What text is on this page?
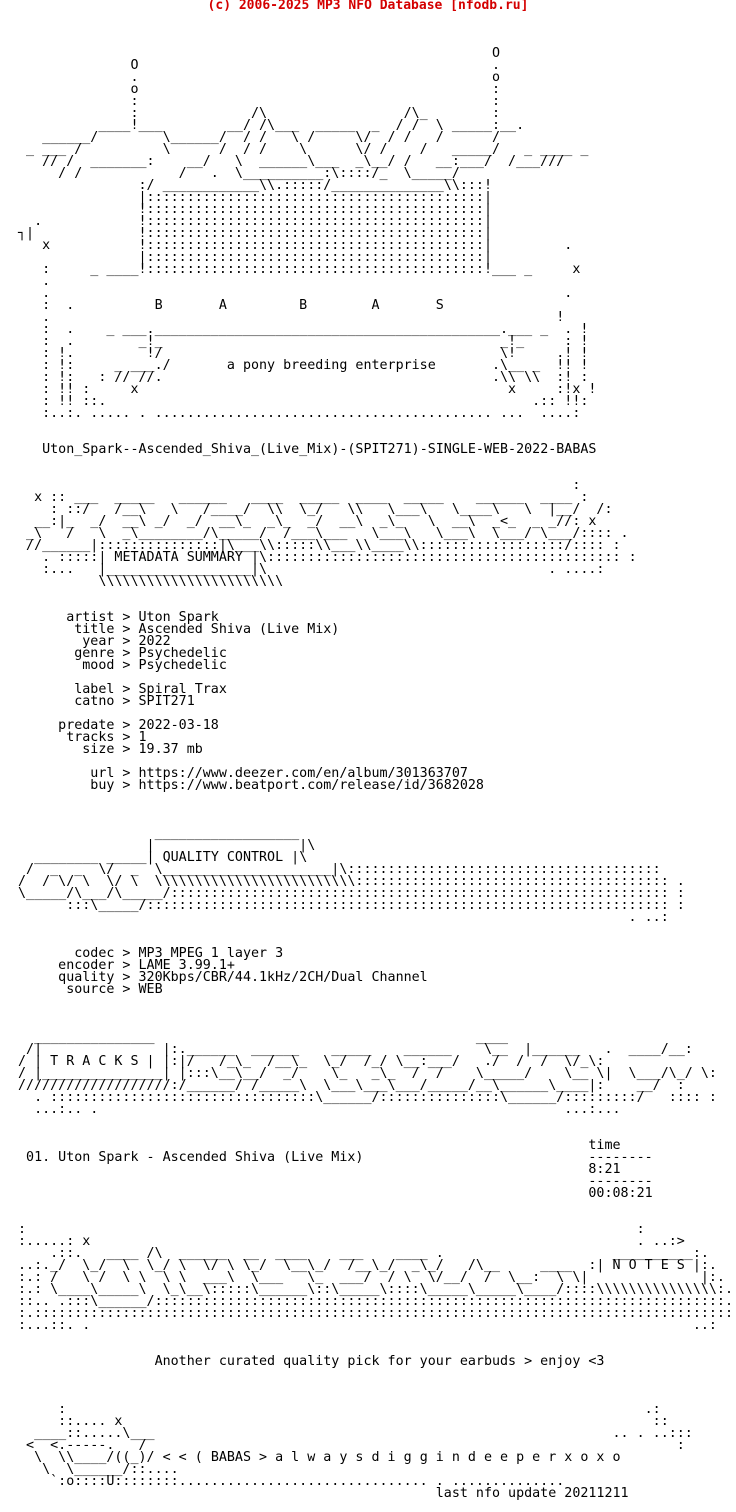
(c) 2006-2025 MP3 NFO Database [nfodb.ru]

O
O                                            .
.                                            o
o                                            :
:                                            :
:              /\                 /\_        :
____!___        __/ /\___  _____  _  / /  \ _____:__.
______/        \______/  / /   \ /     \/  / /   /      /
_ ___ /          \      /  / /    \      \/ /    /   _____/   _ ____ _
// /  _______:    __/   \  ______\___  _\__/ /   __:___/  /___///
/ /            /   .  \__________:\::::/_  \_____/
:/ ____________\\.:::::/______________\\:::!
|::::::::::::::::::::::::::::::::::::::::::|
!::::::::::::::::::::::::::::::::::::::::::|
.            !::::::::::::::::::::::::::::::::::::::::::|
┐|             !::::::::::::::::::::::::::::::::::::::::::|
x           !::::::::::::::::::::::::::::::::::::::::::|         .
|::::::::::::::::::::::::::::::::::::::::::|
:     _ ____!::::::::::::::::::::::::::::::::::::::::::!___ _     x
.
.                                                                .
:  .          B       A         B        A       S
.                                                               !
:  .    _ ___.___________________________________________.___ _  . !
:  .        _!_                                          _!_     : !
: !.         !/                                          \!     .! !
: !:     _ ___./	a pony breeding enterprise	.\__ _  !! !
: !:   : // //.                                         .\\ \\  :! :
: !! :     x                                              x     :!x !
: !! ::.                                                     .:: !!:
:..:. ..... . .......................................... ...  ....:

Uton_Spark--Ascended_Shiva_(Live_Mix)-(SPIT271)-SINGLE-WEB-2022-BABAS

:
x :: ___  _____   ______   ____  _____  ____  _____    ______  ____ :
: ::/   /__\   \   /____/  \\  \_/   \\   \___\   \____\   \  |__/  /:
__:|_  _/  __\ _/  _/  __\_  _\_  _/  __\  _\_   \  __\  _<_  _ _//: x
_\   /   \  _\________/\_____/  /___\___   \___\   \___\  \___/ \___/:::: .
//______|:::::::::::::::|\___\\:::::\\___\\____\\::::::::::::::::::/:::: :
. :::::| METADATA SUMMARY |\:::::::::::::::::::::::::::::::::::::::::::: :
:...   |__________________|\                                   . ....:
\\\\\\\\\\\\\\\\\\\\\\\

artist > Uton Spark
title > Ascended Shiva (Live Mix)
year > 2022
genre > Psychedelic
mood > Psychedelic

label > Spiral Trax
catno > SPIT271

predate > 2022-03-18
tracks > 1
size > 19.37 mb

url > https://www.deezer.com/en/album/301363707
buy > https://www.beatport.com/release/id/3682028

__________________
|                  |\
________ _____| QUALITY CONTROL |\
/  _  _  \/  _  \_____________________|\:::::::::::::::::::::::::::::::::::::::
/  / \/ \  \/ \  \\\\\\\\\\\\\\\\\\\\\\\\\::::::::::::::::::::::::::::::::::::::: .
\_____/\___/\_____/:::::::::::::::::::::::::::::::::::::::::::::::::::::::::::::: :
:::\_____/::::::::::::::::::::::::::::::::::::::::::::::::::::::::::::::::: :
. ..:

codec > MP3 MPEG 1 layer 3
encoder > LAME 3.99.1+
quality > 320Kbps/CBR/44.1kHz/2CH/Dual Channel
source > WEB

_______________                                        ____
/|               |:.______  ______    _____    ______    \__  |______   .  ____/__:
/ | T R A C K S | |:|/   /_\_  /__\_  \_/  /_/ \__:___/   ./  /  /  \/_\:
/ |_______________| |:::\__\__/  _/    \_   _\_  /  /    \_____/    \__ \|  \___/\_/ \:
///////////////////:/______/ /_____\  \___\___\___/_____/__\______\____|:    __/  :
. :::::::::::::::::::::::::::::::::\______/:::::::::::::::\______/:::::::::/   :::: :
...:.. .                                                          ...:...

time
01. Uton Spark - Ascended Shiva (Live Mix)                            --------
8:21
--------
00:08:21

:                                                                            :
:.....: x                                                                    . ..:>
.::.   ____ /\  ______  __  ____    ___    ____ .                     __________:.
..:._/  \_/  \  \_/ \  \/ \ \_/  \__\_/  /__\_/  _\_/   /\__     ____  :| N O T E S |:.
:.: /   \ /  \ \  \ \  ___\  \___   \_  ___/  / \  \/__/  /  \__:  \ \|              |:.
:.: \____\_____\  \_\__\:::::\______\::\_____\::::\_____\_____\____/::::\\\\\\\\\\\\\\\:.
::.. .:::\______/:::::::::::::::::::::::::::::::::::::::::::::::::::::::::::::::::::::::.
:.:::::::::::::::::::::::::::::::::::::::::::::::::::::::::::::::::::::::::::::::::::::::
:...::. .                                                                           ..:

Another curated quality pick for your earbuds > enjoy <3

:                                                                        .:
::.... x                                                                  ::
____::.....\___                                                         .. . ..:::
<  <.-----.   /                                                                  :
\  \\____/((_)/ < < ( BABAS > a l w a y s d i g g i n d e e p e r x o x o
\  \______/::....
`:o::::U::::::::............................... . ..............
last nfo update 20211211
